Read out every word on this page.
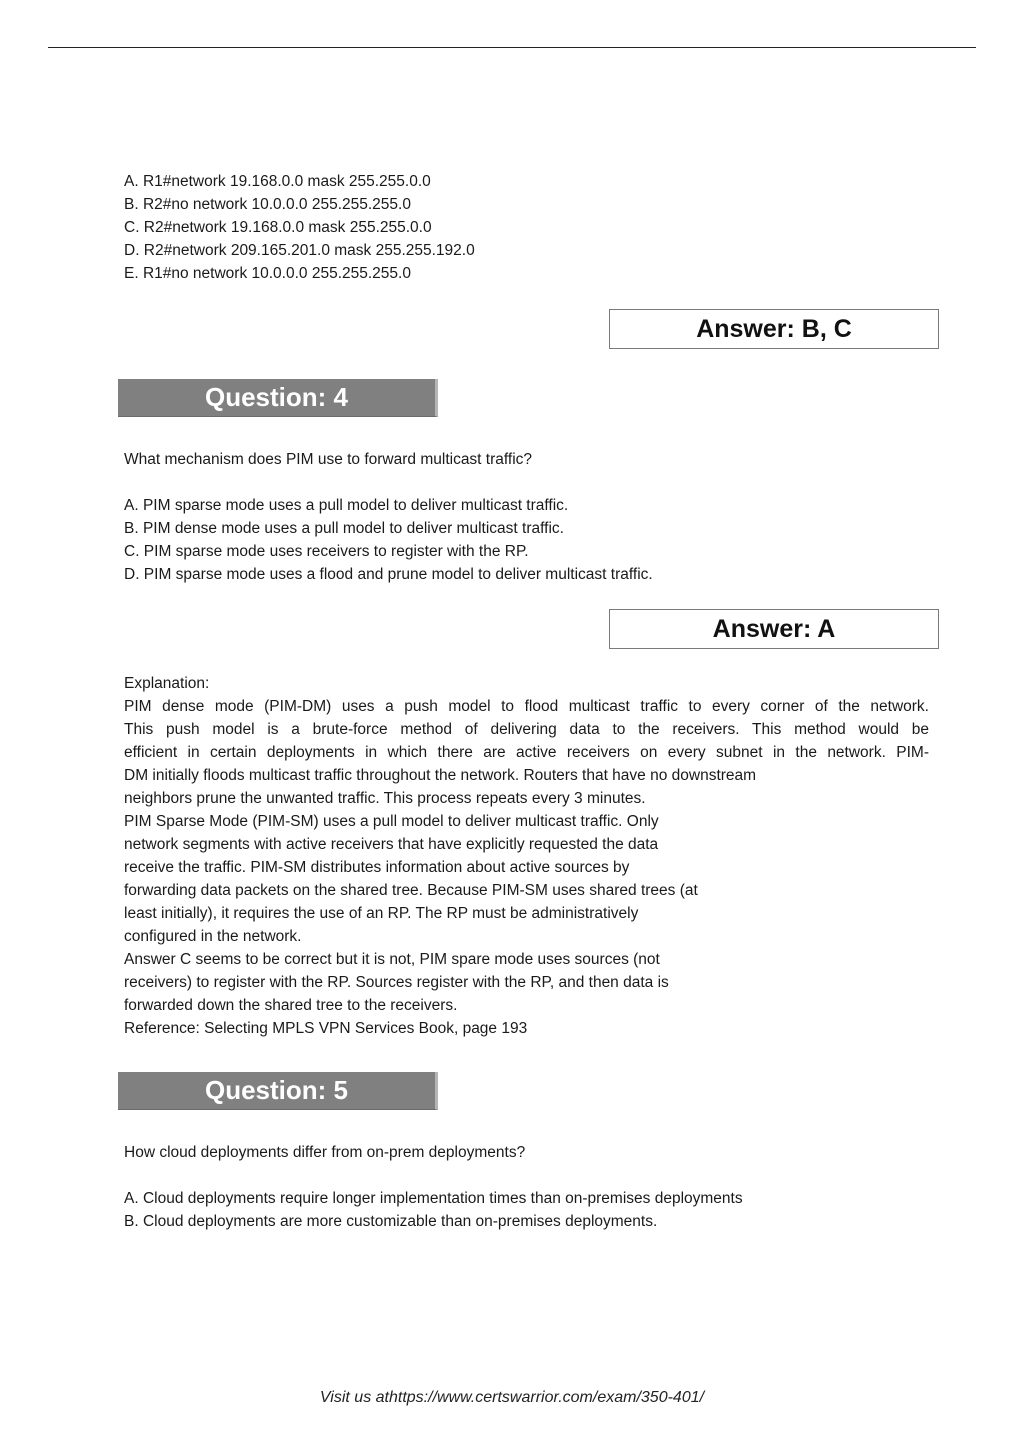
A. R1#network 19.168.0.0 mask 255.255.0.0
B. R2#no network 10.0.0.0 255.255.255.0
C. R2#network 19.168.0.0 mask 255.255.0.0
D. R2#network 209.165.201.0 mask 255.255.192.0
E. R1#no network 10.0.0.0 255.255.255.0
Answer: B, C
Question: 4
What mechanism does PIM use to forward multicast traffic?
A. PIM sparse mode uses a pull model to deliver multicast traffic.
B. PIM dense mode uses a pull model to deliver multicast traffic.
C. PIM sparse mode uses receivers to register with the RP.
D. PIM sparse mode uses a flood and prune model to deliver multicast traffic.
Answer: A
Explanation:
PIM dense mode (PIM-DM) uses a push model to flood multicast traffic to every corner of the network.
This push model is a brute-force method of delivering data to the receivers. This method would be
efficient in certain deployments in which there are active receivers on every subnet in the network. PIM-
DM initially floods multicast traffic throughout the network. Routers that have no downstream
neighbors prune the unwanted traffic. This process repeats every 3 minutes.
PIM Sparse Mode (PIM-SM) uses a pull model to deliver multicast traffic. Only
network segments with active receivers that have explicitly requested the data
receive the traffic. PIM-SM distributes information about active sources by
forwarding data packets on the shared tree. Because PIM-SM uses shared trees (at
least initially), it requires the use of an RP. The RP must be administratively
configured in the network.
Answer C seems to be correct but it is not, PIM spare mode uses sources (not
receivers) to register with the RP. Sources register with the RP, and then data is
forwarded down the shared tree to the receivers.
Reference: Selecting MPLS VPN Services Book, page 193
Question: 5
How cloud deployments differ from on-prem deployments?
A. Cloud deployments require longer implementation times than on-premises deployments
B. Cloud deployments are more customizable than on-premises deployments.
Visit us athttps://www.certswarrior.com/exam/350-401/
